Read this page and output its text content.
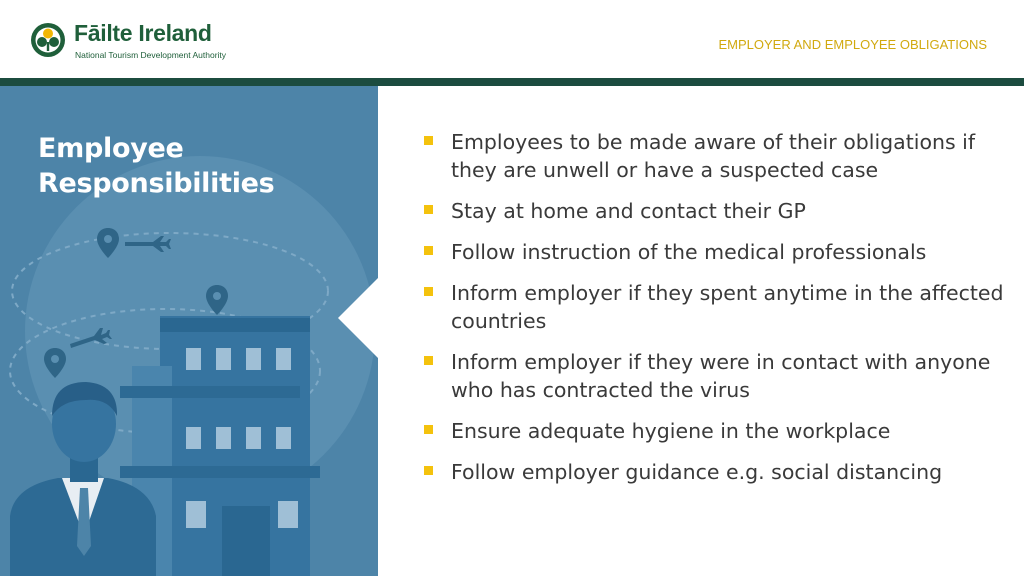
Fāilte Ireland
National Tourism Development Authority
EMPLOYER AND EMPLOYEE OBLIGATIONS
Employee
Responsibilities
Employees to be made aware of their obligations if they are unwell or have a suspected case
Stay at home and contact their GP
Follow instruction of the medical professionals
Inform employer if they spent anytime in the affected countries
Inform employer if they were in contact with anyone who has contracted the virus
Ensure adequate hygiene in the workplace
Follow employer guidance e.g. social distancing
